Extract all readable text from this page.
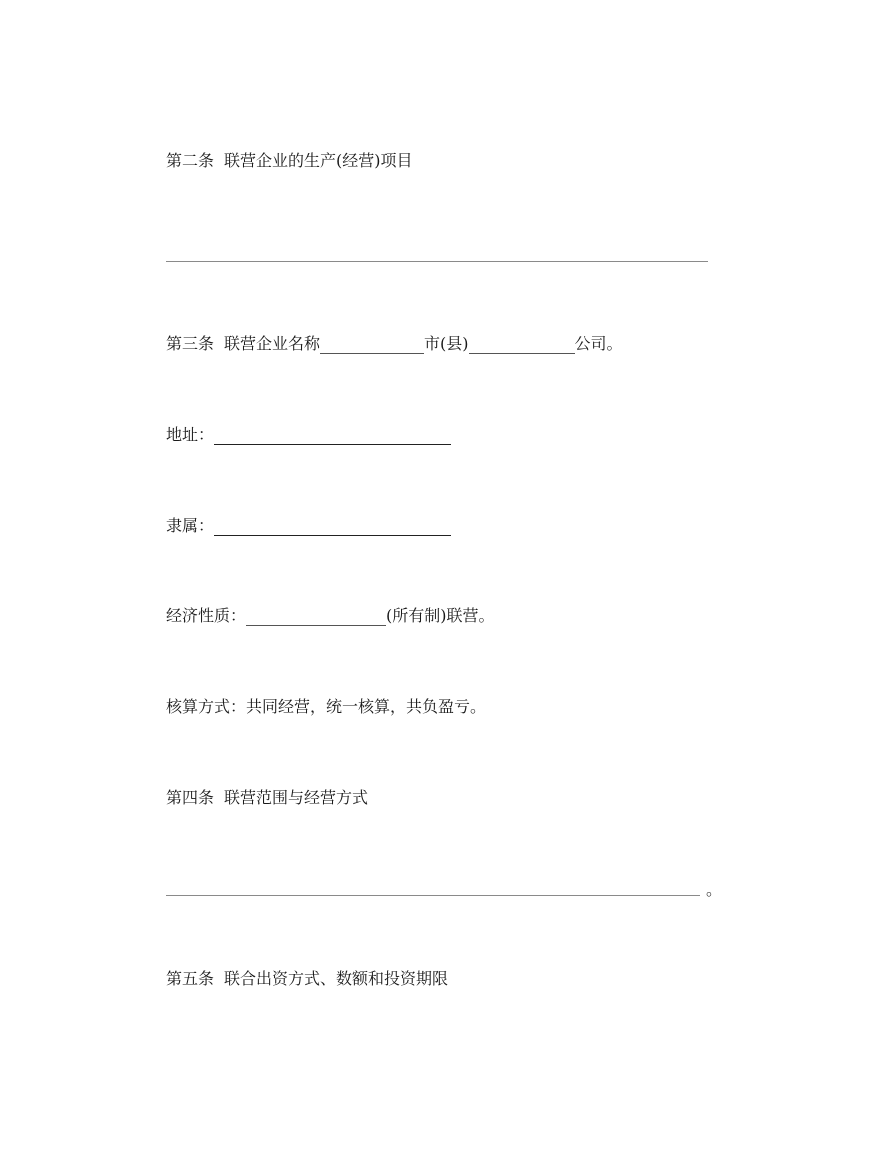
第二条 联营企业的生产(经营)项目
第三条 联营企业名称	市(县)	公司。
地址：
隶属：
经济性质：	(所有制)联营。
核算方式：共同经营，统一核算，共负盈亏。
第四条 联营范围与经营方式
。
第五条 联合出资方式、数额和投资期限
